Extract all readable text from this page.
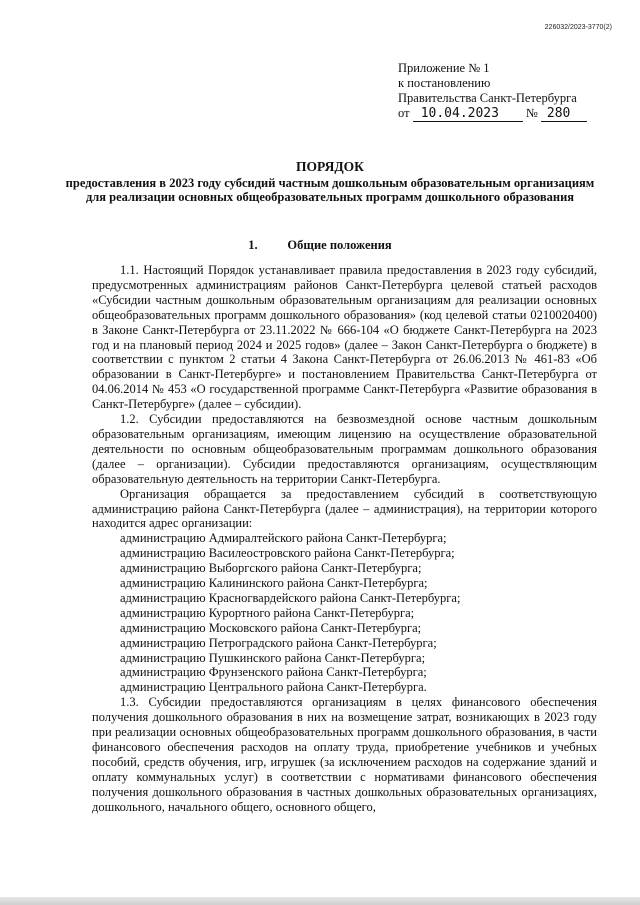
226032/2023-3770(2)
Приложение № 1
к постановлению
Правительства Санкт-Петербурга
от 10.04.2023 № 280
ПОРЯДОК
предоставления в 2023 году субсидий частным дошкольным образовательным организациям для реализации основных общеобразовательных программ дошкольного образования
1. Общие положения

1.1. Настоящий Порядок устанавливает правила предоставления в 2023 году субсидий, предусмотренных администрациям районов Санкт-Петербурга целевой статьей расходов «Субсидии частным дошкольным образовательным организациям для реализации основных общеобразовательных программ дошкольного образования» (код целевой статьи 0210020400) в Законе Санкт-Петербурга от 23.11.2022 № 666-104 «О бюджете Санкт-Петербурга на 2023 год и на плановый период 2024 и 2025 годов» (далее – Закон Санкт-Петербурга о бюджете) в соответствии с пунктом 2 статьи 4 Закона Санкт-Петербурга от 26.06.2013 № 461-83 «Об образовании в Санкт-Петербурге» и постановлением Правительства Санкт-Петербурга от 04.06.2014 № 453 «О государственной программе Санкт-Петербурга «Развитие образования в Санкт-Петербурге» (далее – субсидии).

1.2. Субсидии предоставляются на безвозмездной основе частным дошкольным образовательным организациям, имеющим лицензию на осуществление образовательной деятельности по основным общеобразовательным программам дошкольного образования (далее – организации). Субсидии предоставляются организациям, осуществляющим образовательную деятельность на территории Санкт-Петербурга.

Организация обращается за предоставлением субсидий в соответствующую администрацию района Санкт-Петербурга (далее – администрация), на территории которого находится адрес организации:

администрацию Адмиралтейского района Санкт-Петербурга;

администрацию Василеостровского района Санкт-Петербурга;

администрацию Выборгского района Санкт-Петербурга;

администрацию Калининского района Санкт-Петербурга;

администрацию Красногвардейского района Санкт-Петербурга;

администрацию Курортного района Санкт-Петербурга;

администрацию Московского района Санкт-Петербурга;

администрацию Петроградского района Санкт-Петербурга;

администрацию Пушкинского района Санкт-Петербурга;

администрацию Фрунзенского района Санкт-Петербурга;

администрацию Центрального района Санкт-Петербурга.

1.3. Субсидии предоставляются организациям в целях финансового обеспечения получения дошкольного образования в них на возмещение затрат, возникающих в 2023 году при реализации основных общеобразовательных программ дошкольного образования, в части финансового обеспечения расходов на оплату труда, приобретение учебников и учебных пособий, средств обучения, игр, игрушек (за исключением расходов на содержание зданий и оплату коммунальных услуг) в соответствии с нормативами финансового обеспечения получения дошкольного образования в частных дошкольных образовательных организациях, дошкольного, начального общего, основного общего,
